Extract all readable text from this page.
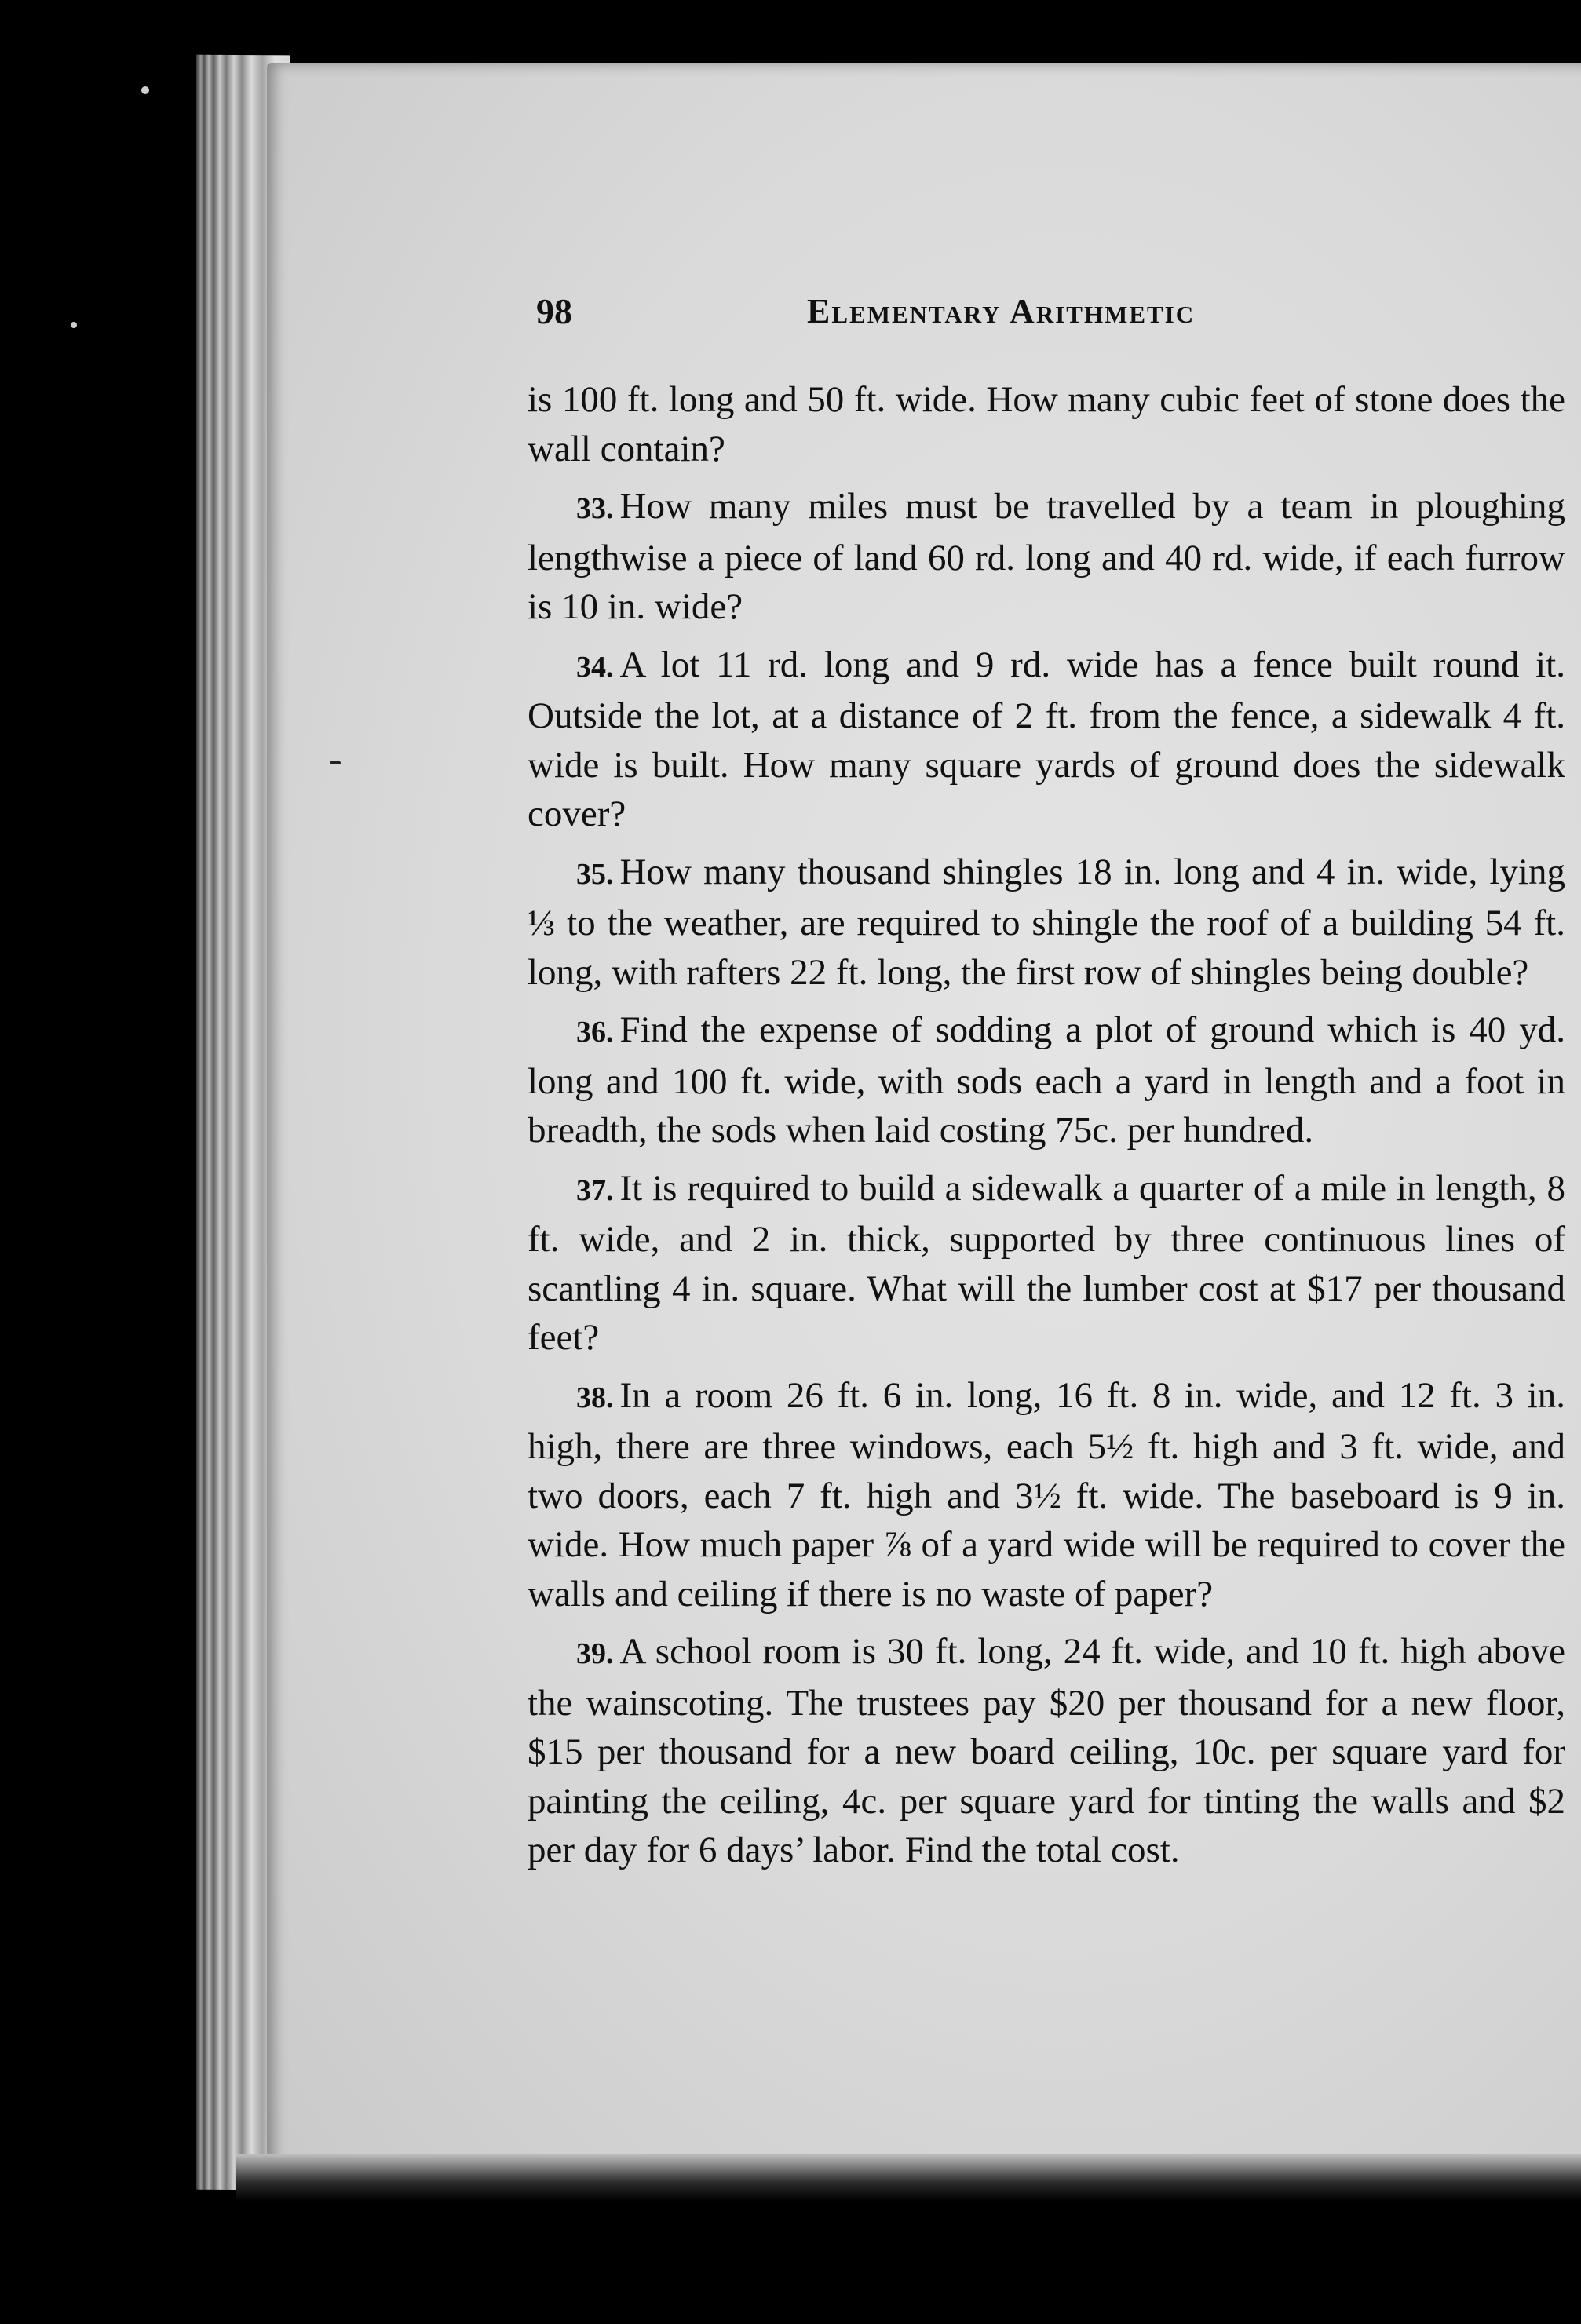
98	Elementary Arithmetic

is 100 ft. long and 50 ft. wide. How many cubic feet of stone does the wall contain?

33. How many miles must be travelled by a team in ploughing lengthwise a piece of land 60 rd. long and 40 rd. wide, if each furrow is 10 in. wide?

34. A lot 11 rd. long and 9 rd. wide has a fence built round it. Outside the lot, at a distance of 2 ft. from the fence, a sidewalk 4 ft. wide is built. How many square yards of ground does the sidewalk cover?

35. How many thousand shingles 18 in. long and 4 in. wide, lying ⅓ to the weather, are required to shingle the roof of a building 54 ft. long, with rafters 22 ft. long, the first row of shingles being double?

36. Find the expense of sodding a plot of ground which is 40 yd. long and 100 ft. wide, with sods each a yard in length and a foot in breadth, the sods when laid costing 75c. per hundred.

37. It is required to build a sidewalk a quarter of a mile in length, 8 ft. wide, and 2 in. thick, supported by three continuous lines of scantling 4 in. square. What will the lumber cost at $17 per thousand feet?

38. In a room 26 ft. 6 in. long, 16 ft. 8 in. wide, and 12 ft. 3 in. high, there are three windows, each 5½ ft. high and 3 ft. wide, and two doors, each 7 ft. high and 3½ ft. wide. The baseboard is 9 in. wide. How much paper ⅞ of a yard wide will be required to cover the walls and ceiling if there is no waste of paper?

39. A school room is 30 ft. long, 24 ft. wide, and 10 ft. high above the wainscoting. The trustees pay $20 per thousand for a new floor, $15 per thousand for a new board ceiling, 10c. per square yard for painting the ceiling, 4c. per square yard for tinting the walls and $2 per day for 6 days’ labor. Find the total cost.
